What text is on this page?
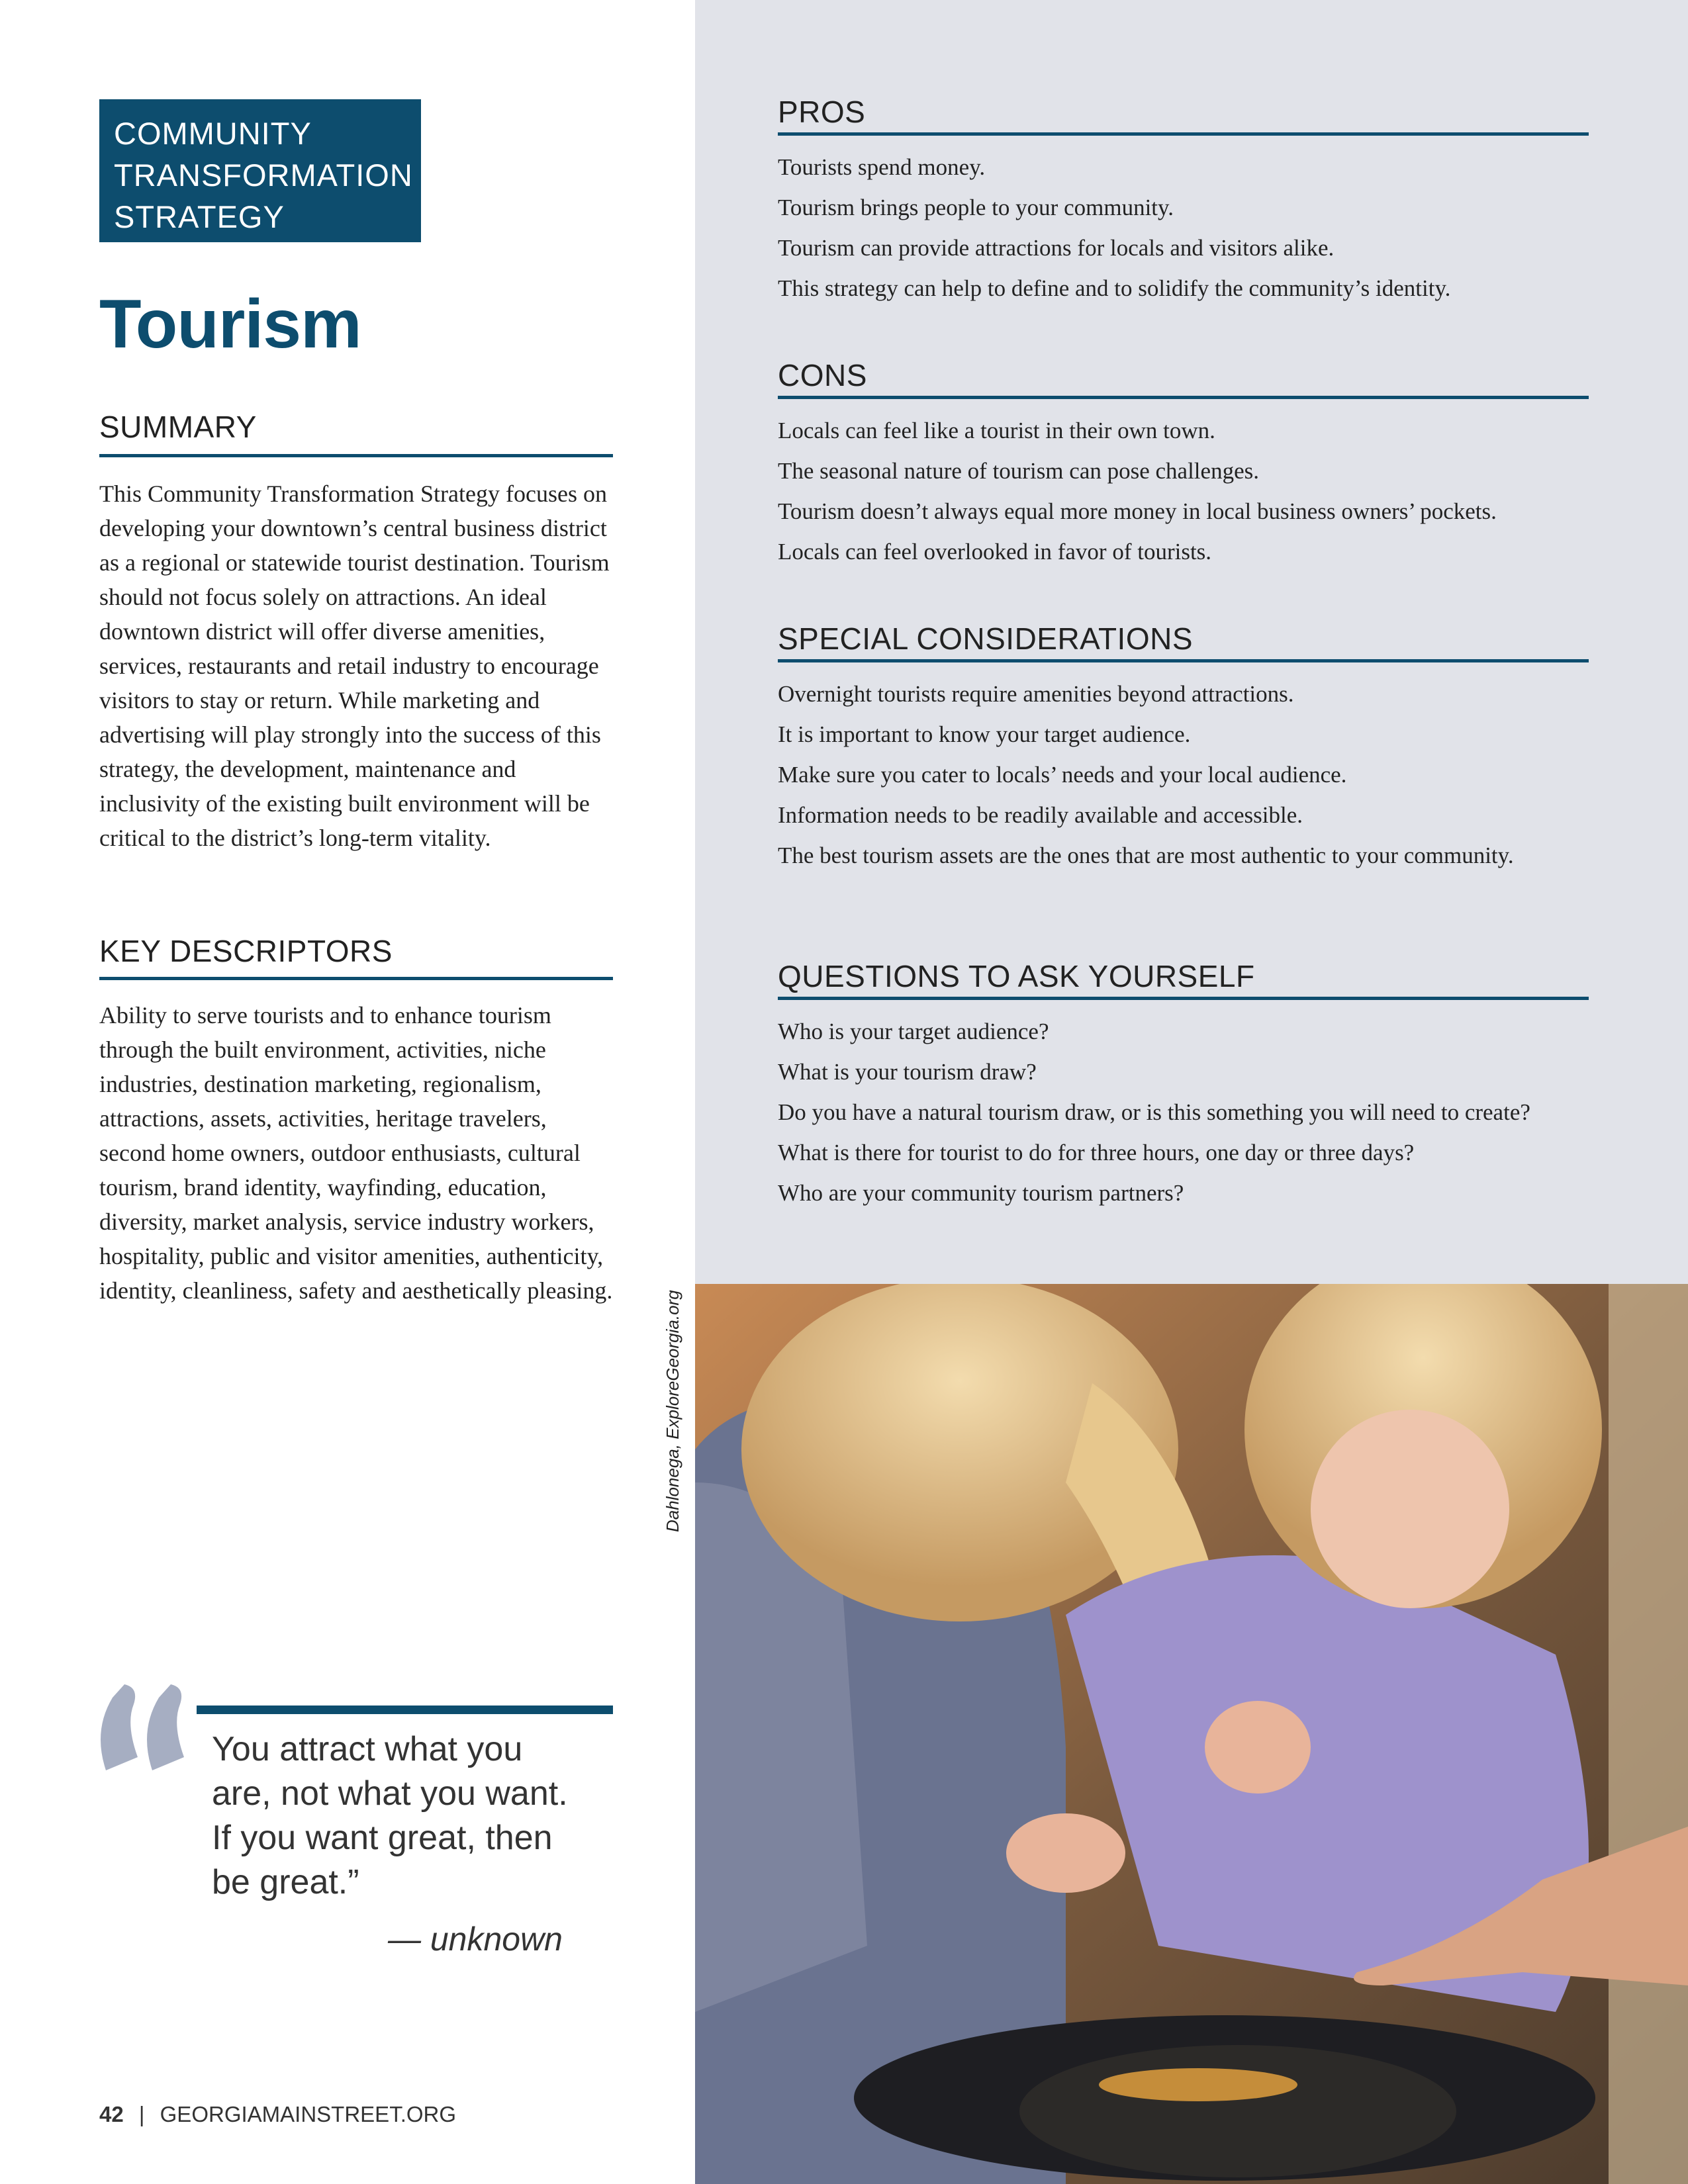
COMMUNITY
TRANSFORMATION
STRATEGY
Tourism
SUMMARY
This Community Transformation Strategy focuses on developing your downtown’s central business district as a regional or statewide tourist destination. Tourism should not focus solely on attractions. An ideal downtown district will offer diverse amenities, services, restaurants and retail industry to encourage visitors to stay or return. While marketing and advertising will play strongly into the success of this strategy, the development, maintenance and inclusivity of the existing built environment will be critical to the district’s long-term vitality.
KEY DESCRIPTORS
Ability to serve tourists and to enhance tourism through the built environment, activities, niche industries, destination marketing, regionalism, attractions, assets, activities, heritage travelers, second home owners, outdoor enthusiasts, cultural tourism, brand identity, wayfinding, education, diversity, market analysis, service industry workers, hospitality, public and visitor amenities, authenticity, identity, cleanliness, safety and aesthetically pleasing.
You attract what you are, not what you want. If you want great, then be great.”
— unknown
42 | GEORGIAMAINSTREET.ORG
PROS
Tourists spend money.
Tourism brings people to your community.
Tourism can provide attractions for locals and visitors alike.
This strategy can help to define and to solidify the community’s identity.
CONS
Locals can feel like a tourist in their own town.
The seasonal nature of tourism can pose challenges.
Tourism doesn’t always equal more money in local business owners’ pockets.
Locals can feel overlooked in favor of tourists.
SPECIAL CONSIDERATIONS
Overnight tourists require amenities beyond attractions.
It is important to know your target audience.
Make sure you cater to locals’ needs and your local audience.
Information needs to be readily available and accessible.
The best tourism assets are the ones that are most authentic to your community.
QUESTIONS TO ASK YOURSELF
Who is your target audience?
What is your tourism draw?
Do you have a natural tourism draw, or is this something you will need to create?
What is there for tourist to do for three hours, one day or three days?
Who are your community tourism partners?
Dahlonega, ExploreGeorgia.org
